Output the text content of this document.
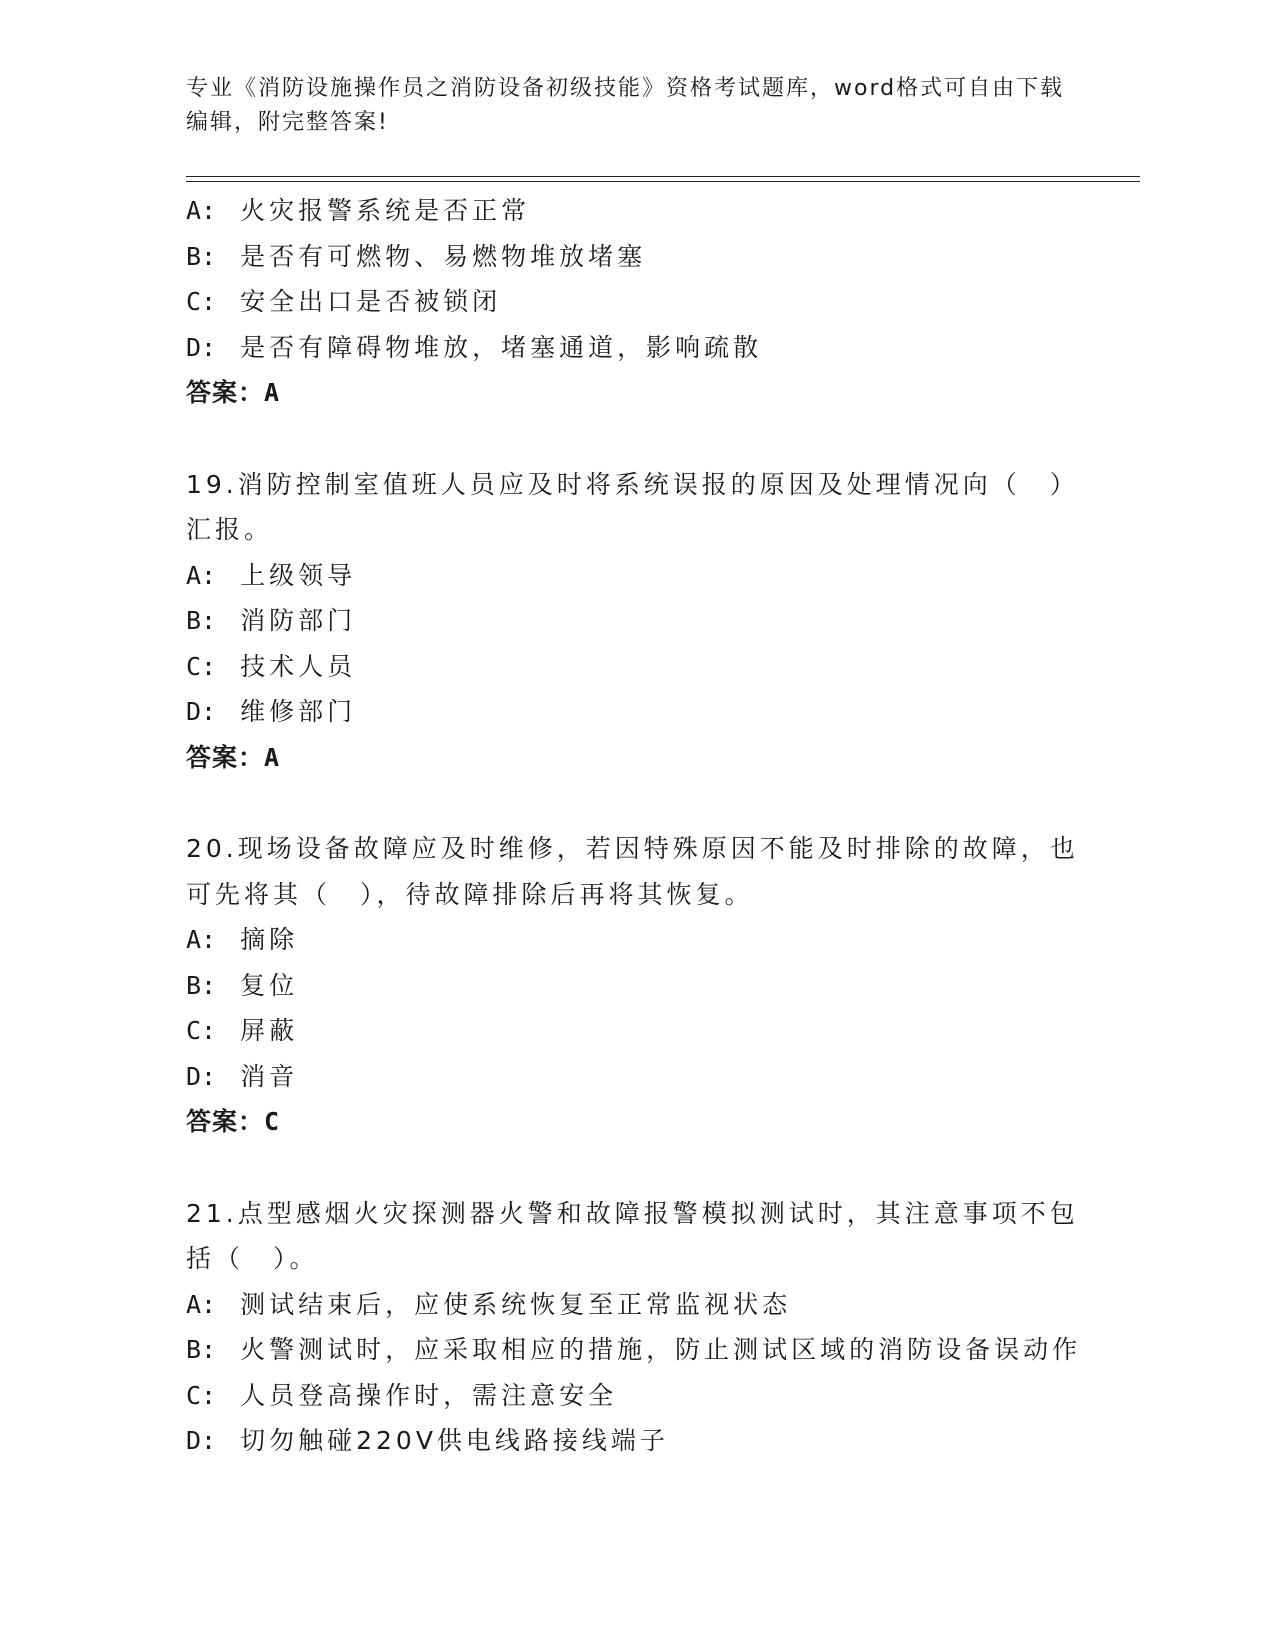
专业《消防设施操作员之消防设备初级技能》资格考试题库，word格式可自由下载编辑，附完整答案!
A: 火灾报警系统是否正常
B: 是否有可燃物、易燃物堆放堵塞
C: 安全出口是否被锁闭
D: 是否有障碍物堆放，堵塞通道，影响疏散
答案：A
19.消防控制室值班人员应及时将系统误报的原因及处理情况向（　）
汇报。
A: 上级领导
B: 消防部门
C: 技术人员
D: 维修部门
答案：A
20.现场设备故障应及时维修，若因特殊原因不能及时排除的故障，也
可先将其（　），待故障排除后再将其恢复。
A: 摘除
B: 复位
C: 屏蔽
D: 消音
答案：C
21.点型感烟火灾探测器火警和故障报警模拟测试时，其注意事项不包
括（　）。
A: 测试结束后，应使系统恢复至正常监视状态
B: 火警测试时，应采取相应的措施，防止测试区域的消防设备误动作
C: 人员登高操作时，需注意安全
D: 切勿触碰220V供电线路接线端子
